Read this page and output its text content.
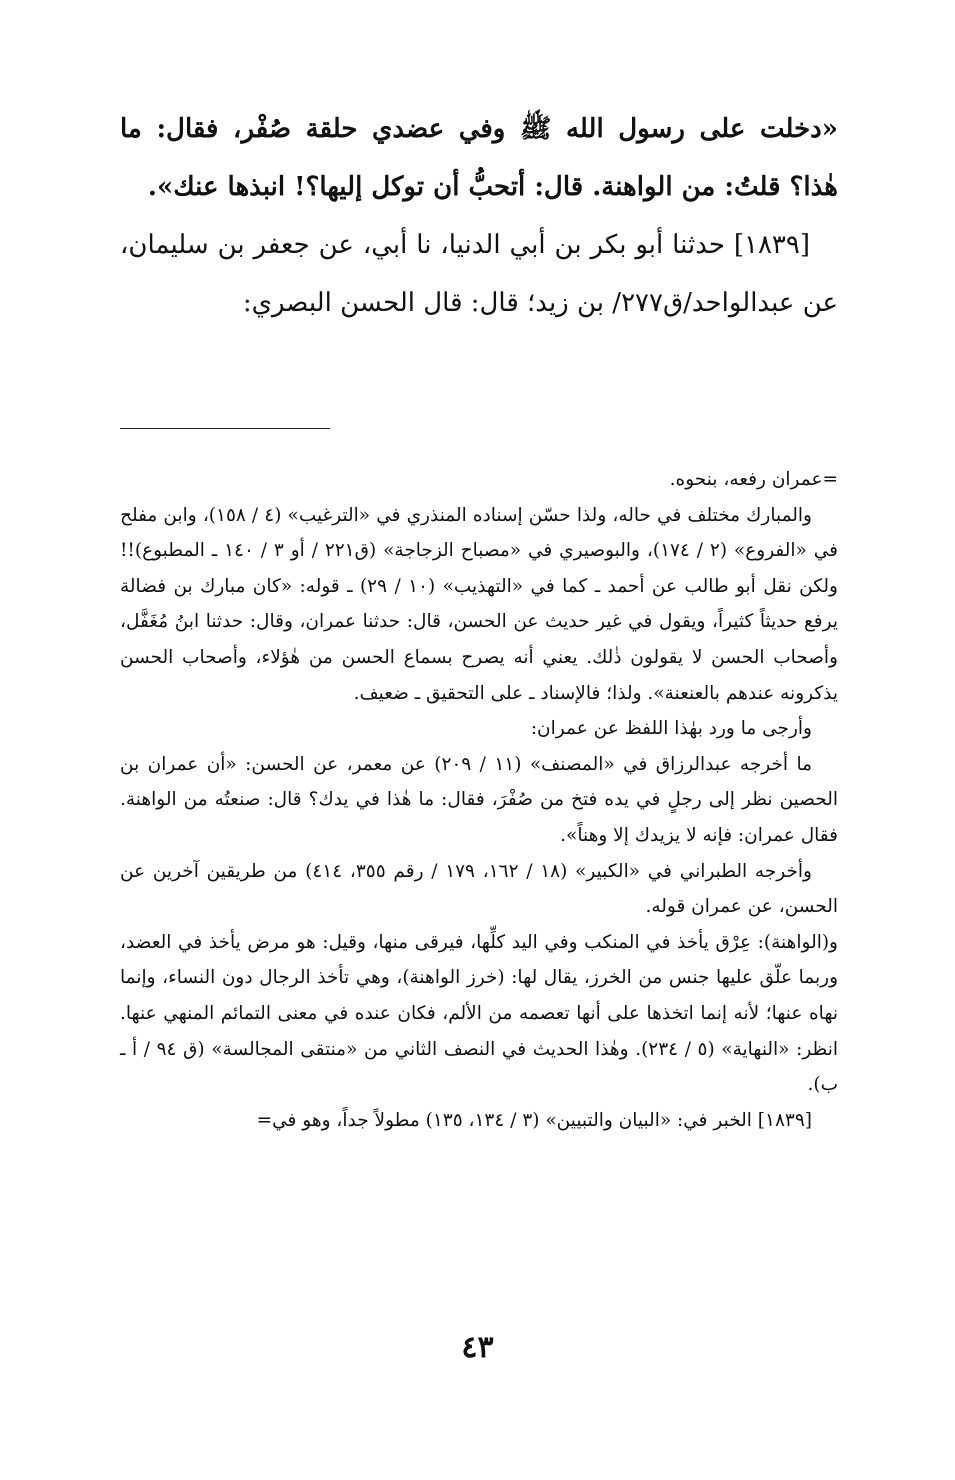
«دخلت على رسول الله ﷺ وفي عضدي حلقة صُفْر، فقال: ما هٰذا؟ قلتُ: من الواهنة. قال: أتحبُّ أن توكل إليها؟! انبذها عنك».

[١٨٣٩] حدثنا أبو بكر بن أبي الدنيا، نا أبي، عن جعفر بن سليمان، عن عبدالواحد/ق٢٧٧/ بن زيد؛ قال: قال الحسن البصري:

=عمران رفعه، بنحوه.

والمبارك مختلف في حاله، ولذا حسّن إسناده المنذري في «الترغيب» (٤ / ١٥٨)، وابن مفلح في «الفروع» (٢ / ١٧٤)، والبوصيري في «مصباح الزجاجة» (ق٢٢١ / أو ٣ / ١٤٠ ـ المطبوع)!! ولكن نقل أبو طالب عن أحمد ـ كما في «التهذيب» (١٠ / ٢٩) ـ قوله: «كان مبارك بن فضالة يرفع حديثاً كثيراً، ويقول في غير حديث عن الحسن، قال: حدثنا عمران، وقال: حدثنا ابنُ مُغَفَّل، وأصحاب الحسن لا يقولون ذٰلك. يعني أنه يصرح بسماع الحسن من هٰؤلاء، وأصحاب الحسن يذكرونه عندهم بالعنعنة». ولذا؛ فالإسناد ـ على التحقيق ـ ضعيف.

وأرجى ما ورد بهٰذا اللفظ عن عمران:

ما أخرجه عبدالرزاق في «المصنف» (١١ / ٢٠٩) عن معمر، عن الحسن: «أن عمران بن الحصين نظر إلى رجلٍ في يده فتخ من صُفْرَ، فقال: ما هٰذا في يدك؟ قال: صنعتُه من الواهنة. فقال عمران: فإنه لا يزيدك إلا وهناً».

وأخرجه الطبراني في «الكبير» (١٨ / ١٦٢، ١٧٩ / رقم ٣٥٥، ٤١٤) من طريقين آخرين عن الحسن، عن عمران قوله.

و(الواهنة): عِرْق يأخذ في المنكب وفي اليد كلِّها، فيرقى منها، وقيل: هو مرض يأخذ في العضد، وربما علّق عليها جنس من الخرز، يقال لها: (خرز الواهنة)، وهي تأخذ الرجال دون النساء، وإنما نهاه عنها؛ لأنه إنما اتخذها على أنها تعصمه من الألم، فكان عنده في معنى التمائم المنهي عنها. انظر: «النهاية» (٥ / ٢٣٤). وهٰذا الحديث في النصف الثاني من «منتقى المجالسة» (ق ٩٤ / أ ـ ب).

[١٨٣٩] الخبر في: «البيان والتبيين» (٣ / ١٣٤، ١٣٥) مطولاً جداً، وهو في=

٤٣
